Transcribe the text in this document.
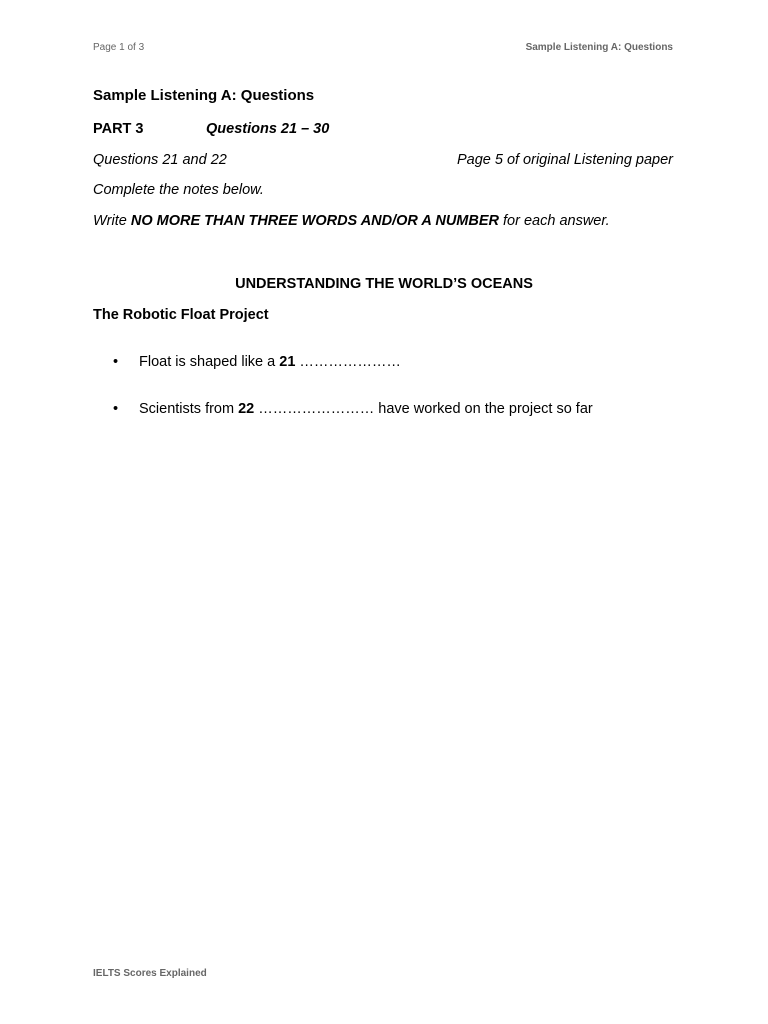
Page 1 of 3	Sample Listening A: Questions
Sample Listening A: Questions
PART 3	Questions 21 – 30
Questions 21 and 22	Page 5 of original Listening paper
Complete the notes below.
Write NO MORE THAN THREE WORDS AND/OR A NUMBER for each answer.
UNDERSTANDING THE WORLD’S OCEANS
The Robotic Float Project
• Float is shaped like a 21 …………………
• Scientists from 22 …………………… have worked on the project so far
IELTS Scores Explained
